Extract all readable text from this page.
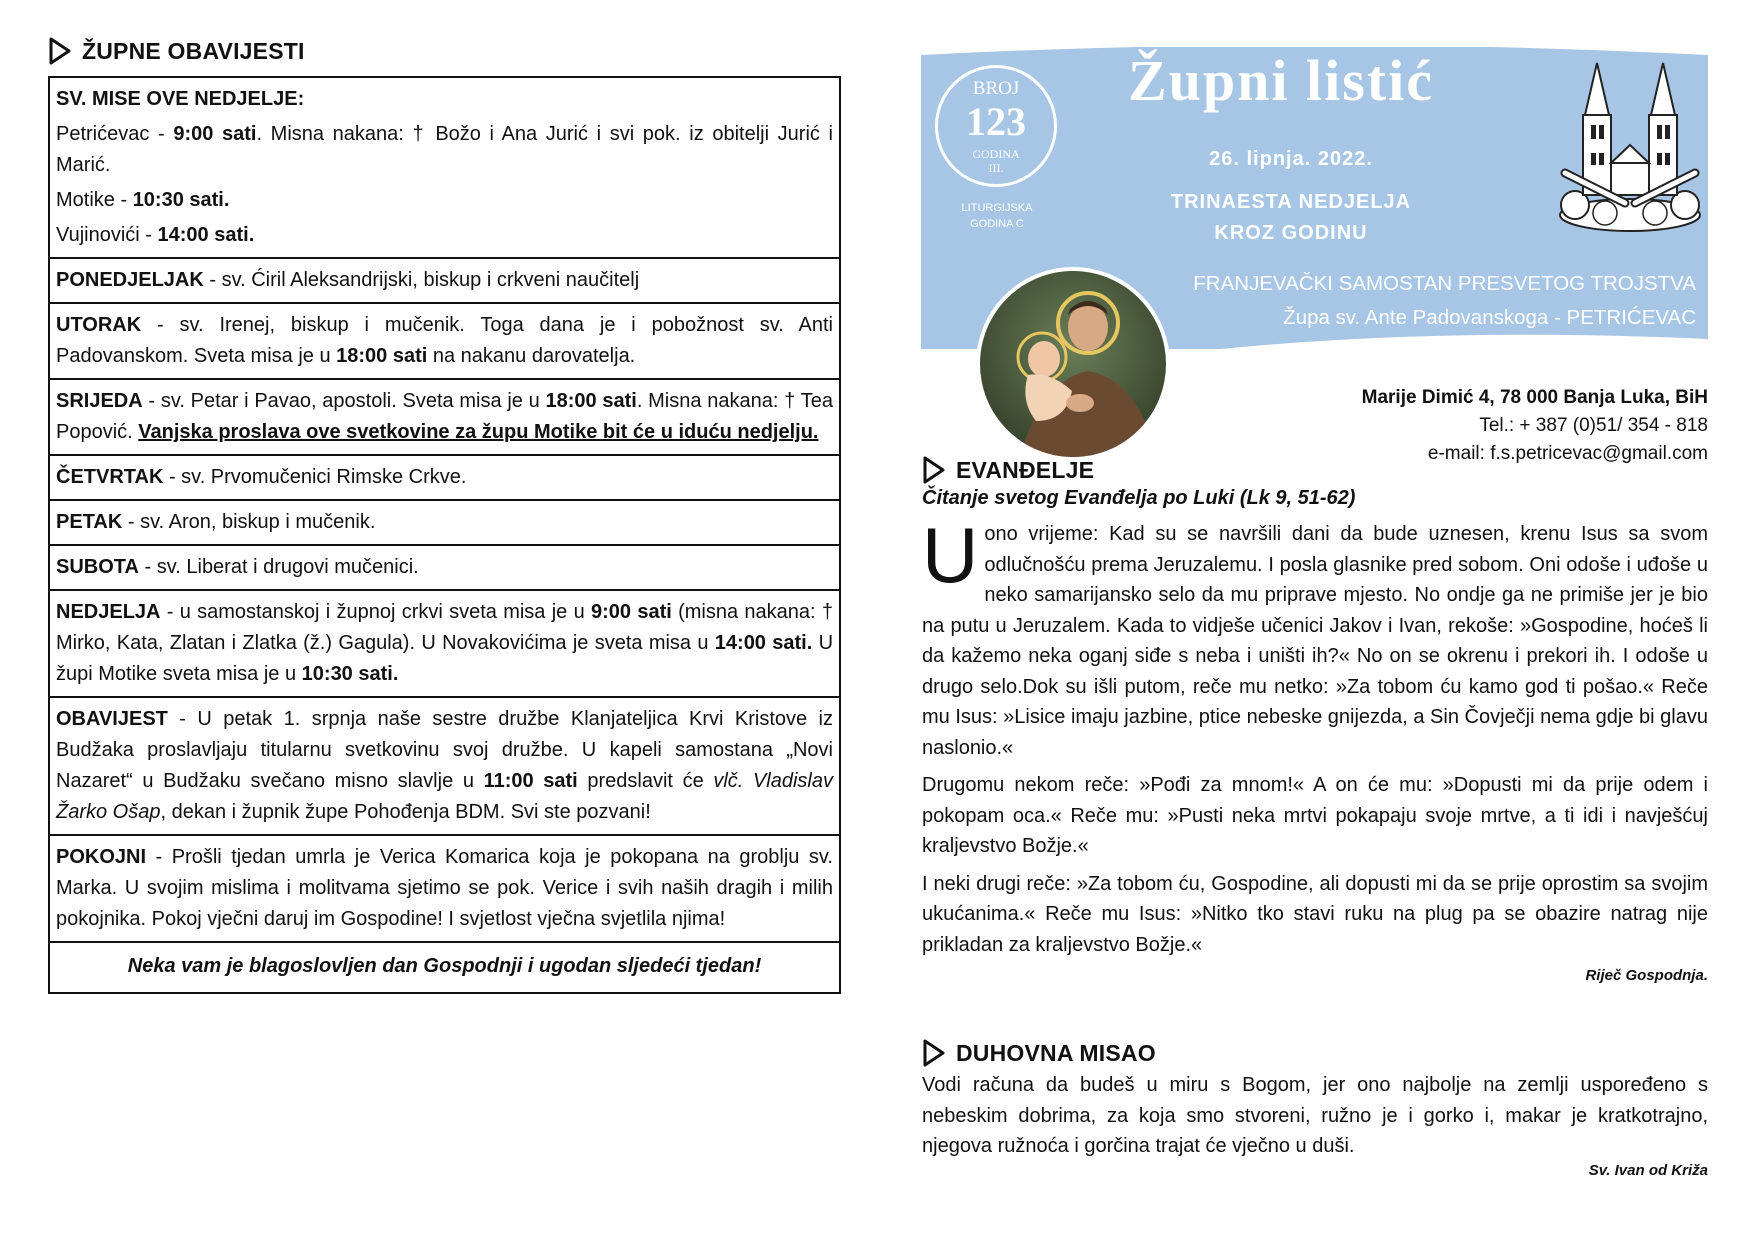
ŽUPNE OBAVIJESTI

SV. MISE OVE NEDJELJE:

Petrićevac - 9:00 sati. Misna nakana: † Božo i Ana Jurić i svi pok. iz obitelji Jurić i Marić.

Motike - 10:30 sati.

Vujinovići - 14:00 sati.

PONEDJELJAK - sv. Ćiril Aleksandrijski, biskup i crkveni naučitelj
UTORAK - sv. Irenej, biskup i mučenik. Toga dana je i pobožnost sv. Anti Padovanskom. Sveta misa je u 18:00 sati na nakanu darovatelja.
SRIJEDA - sv. Petar i Pavao, apostoli. Sveta misa je u 18:00 sati. Misna nakana: † Tea Popović. Vanjska proslava ove svetkovine za župu Motike bit će u iduću nedjelju.
ČETVRTAK - sv. Prvomučenici Rimske Crkve.
PETAK - sv. Aron, biskup i mučenik.
SUBOTA - sv. Liberat i drugovi mučenici.
NEDJELJA - u samostanskoj i župnoj crkvi sveta misa je u 9:00 sati (misna nakana: † Mirko, Kata, Zlatan i Zlatka (ž.) Gagula). U Novakovićima je sveta misa u 14:00 sati. U župi Motike sveta misa je u 10:30 sati.
OBAVIJEST - U petak 1. srpnja naše sestre družbe Klanjateljica Krvi Kristove iz Budžaka proslavljaju titularnu svetkovinu svoj družbe. U kapeli samostana „Novi Nazaret“ u Budžaku svečano misno slavlje u 11:00 sati predslavit će vlč. Vladislav Žarko Ošap, dekan i župnik župe Pohođenja BDM. Svi ste pozvani!
POKOJNI - Prošli tjedan umrla je Verica Komarica koja je pokopana na groblju sv. Marka. U svojim mislima i molitvama sjetimo se pok. Verice i svih naših dragih i milih pokojnika. Pokoj vječni daruj im Gospodine! I svjetlost vječna svjetlila njima!
Neka vam je blagoslovljen dan Gospodnji i ugodan sljedeći tjedan!
BROJ
123
GODINA
III.
LITURGIJSKA
GODINA C
Župni listić
26. lipnja. 2022.
TRINAESTA NEDJELJA
KROZ GODINU
FRANJEVAČKI SAMOSTAN PRESVETOG TROJSTVA
Župa sv. Ante Padovanskoga - PETRIĆEVAC
Župa sv. Petra i Pavla - MOTIKE
Marije Dimić 4, 78 000 Banja Luka, BiH
Tel.: + 387 (0)51/ 354 - 818
e-mail: f.s.petricevac@gmail.com
EVANĐELJE
Čitanje svetog Evanđelja po Luki (Lk 9, 51-62)

Uono vrijeme: Kad su se navršili dani da bude uznesen, krenu Isus sa svom odlučnošću prema Jeruzalemu. I posla glasnike pred sobom. Oni odoše i uđoše u neko samarijansko selo da mu priprave mjesto. No ondje ga ne primiše jer je bio na putu u Jeruzalem. Kada to vidješe učenici Jakov i Ivan, rekoše: »Gospodine, hoćeš li da kažemo neka oganj siđe s neba i uništi ih?« No on se okrenu i prekori ih. I odoše u drugo selo.Dok su išli putom, reče mu netko: »Za tobom ću kamo god ti pošao.« Reče mu Isus: »Lisice imaju jazbine, ptice nebeske gnijezda, a Sin Čovječji nema gdje bi glavu naslonio.«

Drugomu nekom reče: »Pođi za mnom!« A on će mu: »Dopusti mi da prije odem i pokopam oca.« Reče mu: »Pusti neka mrtvi pokapaju svoje mrtve, a ti idi i navješćuj kraljevstvo Božje.«

I neki drugi reče: »Za tobom ću, Gospodine, ali dopusti mi da se prije oprostim sa svojim ukućanima.« Reče mu Isus: »Nitko tko stavi ruku na plug pa se obazire natrag nije prikladan za kraljevstvo Božje.«

Riječ Gospodnja.
DUHOVNA MISAO
Vodi računa da budeš u miru s Bogom, jer ono najbolje na zemlji uspoređeno s nebeskim dobrima, za koja smo stvoreni, ružno je i gorko i, makar je kratkotrajno, njegova ružnoća i gorčina trajat će vječno u duši.
Sv. Ivan od Križa
